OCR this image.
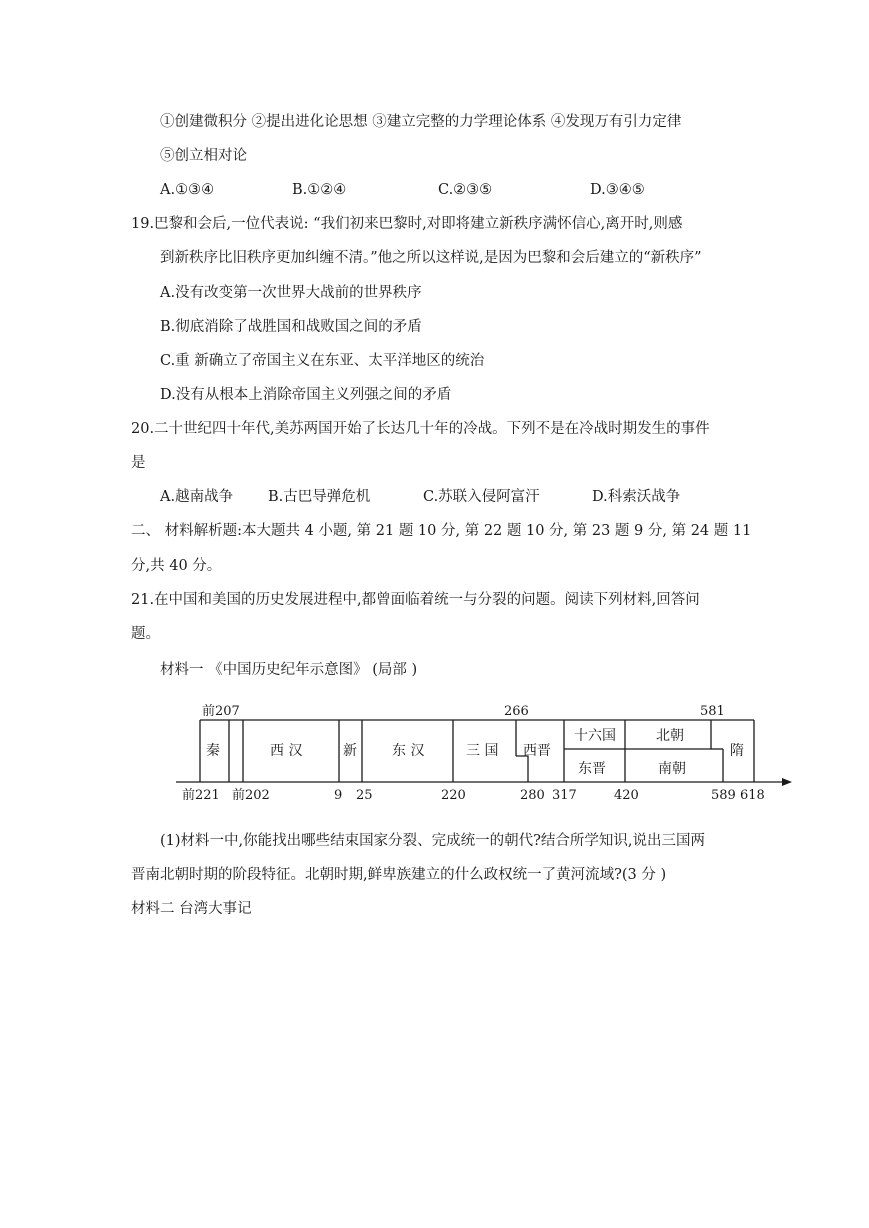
①创建微积分 ②提出进化论思想 ③建立完整的力学理论体系 ④发现万有引力定律
⑤创立相对论
A.①③④	B.①②④	C.②③⑤	D.③④⑤
19.巴黎和会后,一位代表说: “我们初来巴黎时,对即将建立新秩序满怀信心,离开时,则感
到新秩序比旧秩序更加纠缠不清。”他之所以这样说,是因为巴黎和会后建立的“新秩序”
A.没有改变第一次世界大战前的世界秩序
B.彻底消除了战胜国和战败国之间的矛盾
C.重 新确立了帝国主义在东亚、太平洋地区的统治
D.没有从根本上消除帝国主义列强之间的矛盾
20.二十世纪四十年代,美苏两国开始了长达几十年的冷战。下列不是在冷战时期发生的事件
是
A.越南战争 B.古巴导弹危机	C.苏联入侵阿富汗	D.科索沃战争
二、 材料解析题:本大题共 4 小题, 第 21 题 10 分, 第 22 题 10 分, 第 23 题 9 分, 第 24 题 11
分,共 40 分。
21.在中国和美国的历史发展进程中,都曾面临着统一与分裂的问题。阅读下列材料,回答问
题。
材料一 《中国历史纪年示意图》 (局部 )
前207	266	581
秦	西 汉	新	东 汉	三 国 西晋
十六国	北朝
东晋	南朝
隋
前221 前202	9 25	220	280 317	420	589 618
(1)材料一中,你能找出哪些结束国家分裂、完成统一的朝代?结合所学知识,说出三国两
晋南北朝时期的阶段特征。北朝时期,鲜卑族建立的什么政权统一了黄河流域?(3 分 )
材料二 台湾大事记
